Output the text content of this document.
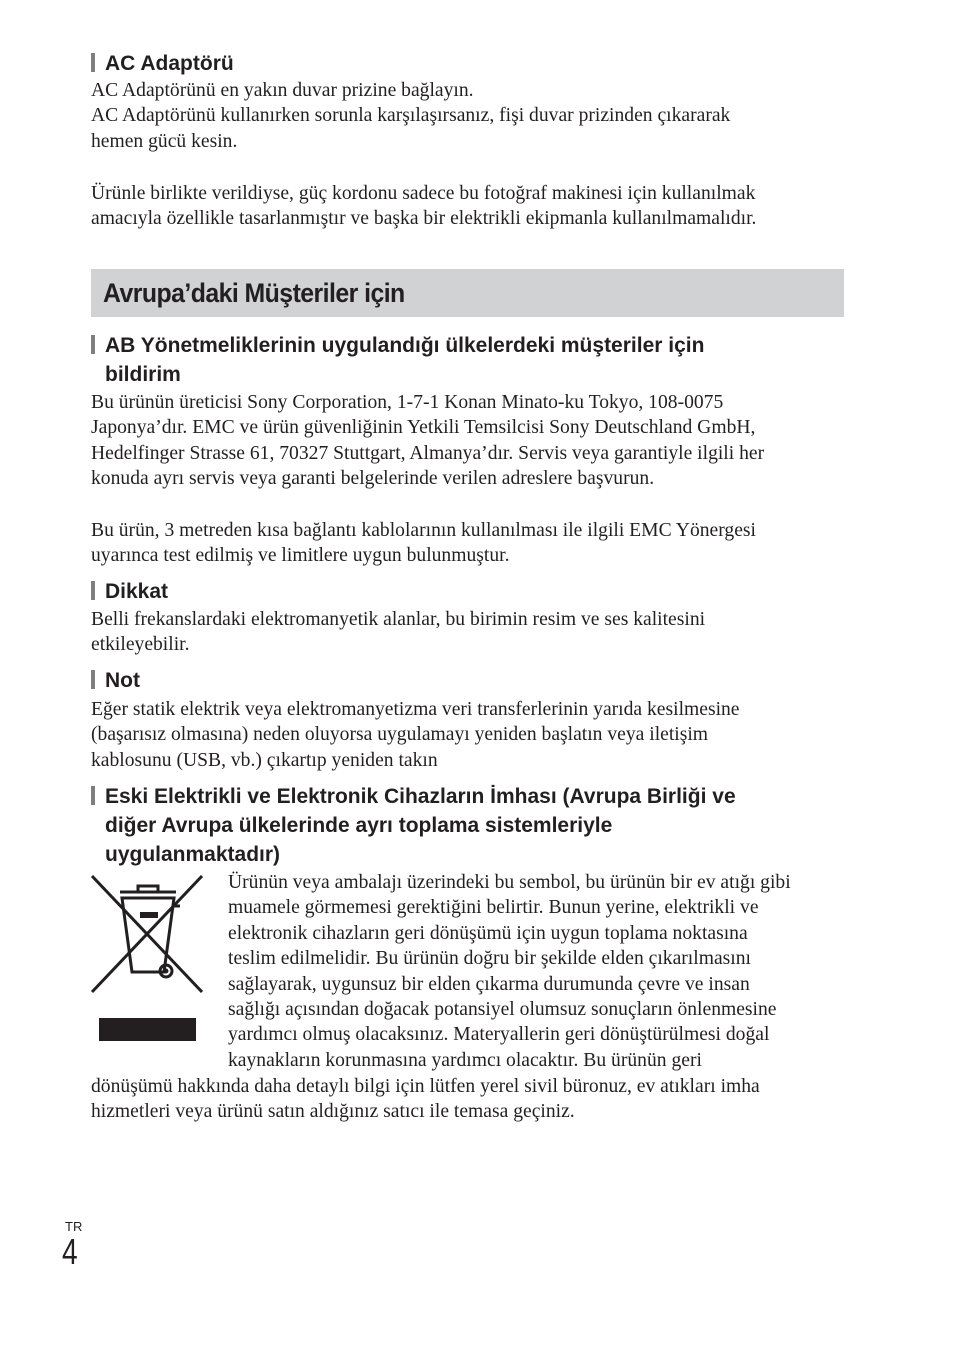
AC Adaptörü

AC Adaptörünü en yakın duvar prizine bağlayın.

AC Adaptörünü kullanırken sorunla karşılaşırsanız, fişi duvar prizinden çıkararak

hemen gücü kesin.

Ürünle birlikte verildiyse, güç kordonu sadece bu fotoğraf makinesi için kullanılmak

amacıyla özellikle tasarlanmıştır ve başka bir elektrikli ekipmanla kullanılmamalıdır.

Avrupa’daki Müşteriler için
AB Yönetmeliklerinin uygulandığı ülkelerdeki müşteriler için
bildirim

Bu ürünün üreticisi Sony Corporation, 1-7-1 Konan Minato-ku Tokyo, 108-0075

Japonya’dır. EMC ve ürün güvenliğinin Yetkili Temsilcisi Sony Deutschland GmbH,

Hedelfinger Strasse 61, 70327 Stuttgart, Almanya’dır. Servis veya garantiyle ilgili her

konuda ayrı servis veya garanti belgelerinde verilen adreslere başvurun.

Bu ürün, 3 metreden kısa bağlantı kablolarının kullanılması ile ilgili EMC Yönergesi

uyarınca test edilmiş ve limitlere uygun bulunmuştur.

Dikkat

Belli frekanslardaki elektromanyetik alanlar, bu birimin resim ve ses kalitesini

etkileyebilir.

Not

Eğer statik elektrik veya elektromanyetizma veri transferlerinin yarıda kesilmesine

(başarısız olmasına) neden oluyorsa uygulamayı yeniden başlatın veya iletişim

kablosunu (USB, vb.) çıkartıp yeniden takın

Eski Elektrikli ve Elektronik Cihazların İmhası (Avrupa Birliği ve
diğer Avrupa ülkelerinde ayrı toplama sistemleriyle
uygulanmaktadır)

Ürünün veya ambalajı üzerindeki bu sembol, bu ürünün bir ev atığı gibi

muamele görmemesi gerektiğini belirtir. Bunun yerine, elektrikli ve

elektronik cihazların geri dönüşümü için uygun toplama noktasına

teslim edilmelidir. Bu ürünün doğru bir şekilde elden çıkarılmasını

sağlayarak, uygunsuz bir elden çıkarma durumunda çevre ve insan

sağlığı açısından doğacak potansiyel olumsuz sonuçların önlenmesine

yardımcı olmuş olacaksınız. Materyallerin geri dönüştürülmesi doğal

kaynakların korunmasına yardımcı olacaktır. Bu ürünün geri

dönüşümü hakkında daha detaylı bilgi için lütfen yerel sivil büronuz, ev atıkları imha

hizmetleri veya ürünü satın aldığınız satıcı ile temasa geçiniz.

TR
4
